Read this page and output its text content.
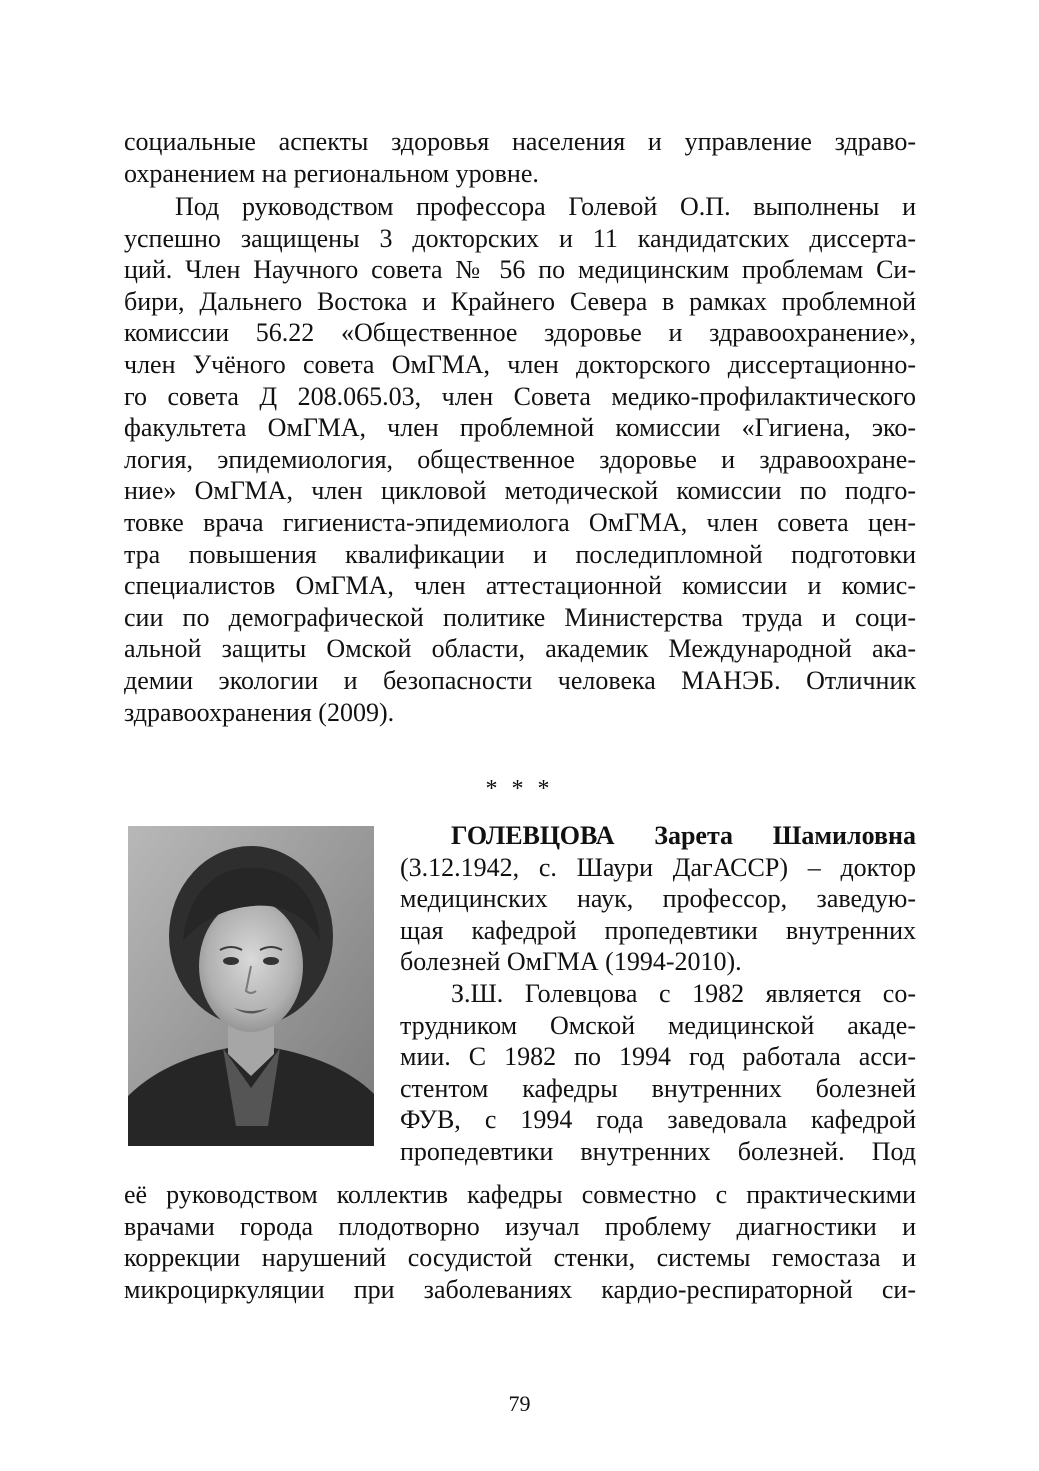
социальные аспекты здоровья населения и управление здраво-
охранением на региональном уровне.
Под руководством профессора Голевой О.П. выполнены и
успешно защищены 3 докторских и 11 кандидатских диссерта-
ций. Член Научного совета № 56 по медицинским проблемам Си-
бири, Дальнего Востока и Крайнего Севера в рамках проблемной
комиссии 56.22 «Общественное здоровье и здравоохранение»,
член Учёного совета ОмГМА, член докторского диссертационно-
го совета Д 208.065.03, член Совета медико-профилактического
факультета ОмГМА, член проблемной комиссии «Гигиена, эко-
логия, эпидемиология, общественное здоровье и здравоохране-
ние» ОмГМА, член цикловой методической комиссии по подго-
товке врача гигиениста-эпидемиолога ОмГМА, член совета цен-
тра повышения квалификации и последипломной подготовки
специалистов ОмГМА, член аттестационной комиссии и комис-
сии по демографической политике Министерства труда и соци-
альной защиты Омской области, академик Международной ака-
демии экологии и безопасности человека МАНЭБ. Отличник
здравоохранения (2009).
* * *
ГОЛЕВЦОВА Зарета Шамиловна
(3.12.1942, с. Шаури ДагАССР) – доктор
медицинских наук, профессор, заведую-
щая кафедрой пропедевтики внутренних
болезней ОмГМА (1994-2010).
З.Ш. Голевцова с 1982 является со-
трудником Омской медицинской акаде-
мии. С 1982 по 1994 год работала асси-
стентом кафедры внутренних болезней
ФУВ, с 1994 года заведовала кафедрой
пропедевтики внутренних болезней. Под
её руководством коллектив кафедры совместно с практическими
врачами города плодотворно изучал проблему диагностики и
коррекции нарушений сосудистой стенки, системы гемостаза и
микроциркуляции при заболеваниях кардио-респираторной си-
79
